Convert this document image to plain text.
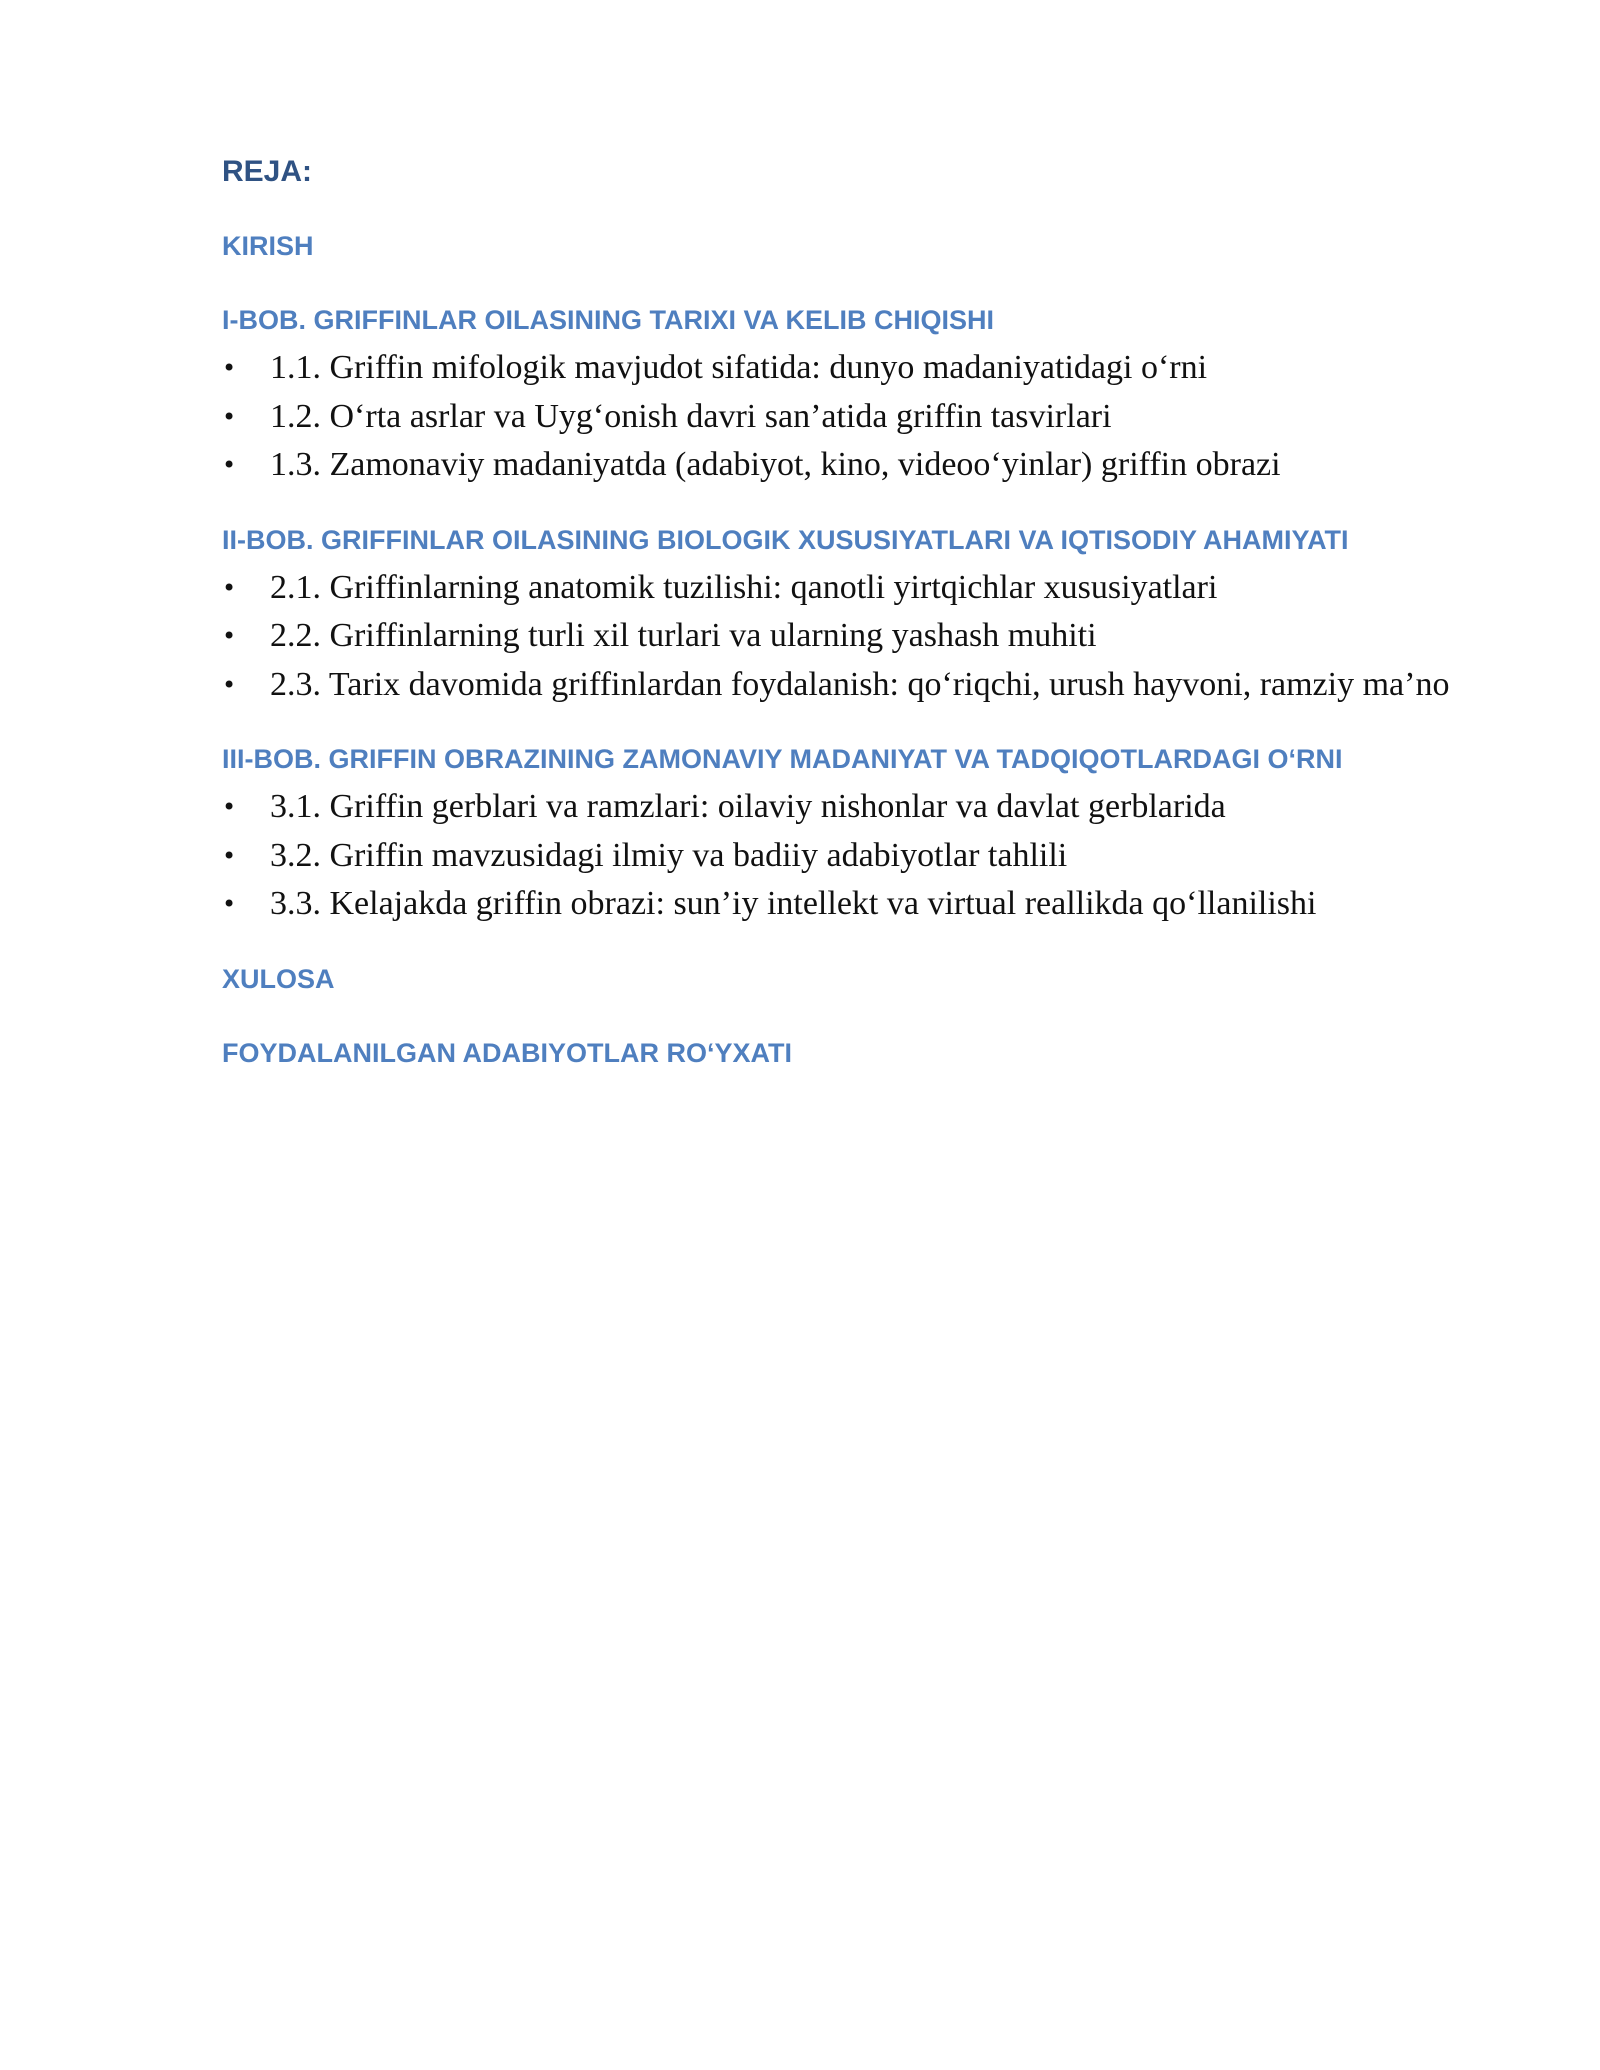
REJA:
KIRISH
I-BOB. GRIFFINLAR OILASINING TARIXI VA KELIB CHIQISHI
• 1.1. Griffin mifologik mavjudot sifatida: dunyo madaniyatidagi o‘rni
• 1.2. O‘rta asrlar va Uyg‘onish davri san’atida griffin tasvirlari
• 1.3. Zamonaviy madaniyatda (adabiyot, kino, videoo‘yinlar) griffin obrazi
II-BOB. GRIFFINLAR OILASINING BIOLOGIK XUSUSIYATLARI VA IQTISODIY AHAMIYATI
• 2.1. Griffinlarning anatomik tuzilishi: qanotli yirtqichlar xususiyatlari
• 2.2. Griffinlarning turli xil turlari va ularning yashash muhiti
• 2.3. Tarix davomida griffinlardan foydalanish: qo‘riqchi, urush hayvoni, ramziy ma’no
III-BOB. GRIFFIN OBRAZINING ZAMONAVIY MADANIYAT VA TADQIQOTLARDAGI O‘RNI
• 3.1. Griffin gerblari va ramzlari: oilaviy nishonlar va davlat gerblarida
• 3.2. Griffin mavzusidagi ilmiy va badiiy adabiyotlar tahlili
• 3.3. Kelajakda griffin obrazi: sun’iy intellekt va virtual reallikda qo‘llanilishi
XULOSA
FOYDALANILGAN ADABIYOTLAR RO‘YXATI
